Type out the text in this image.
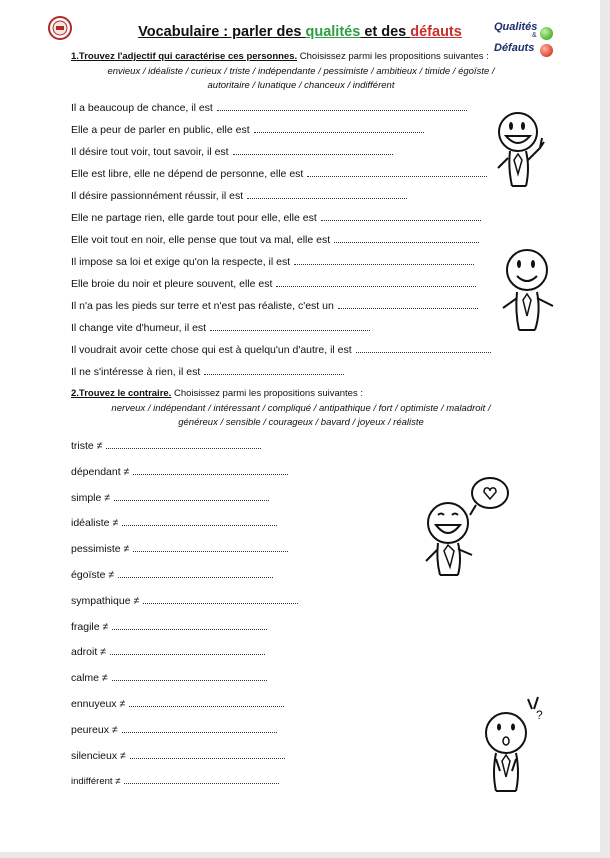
Vocabulaire : parler des qualités et des défauts	Qualités
&
Défauts
1.Trouvez l'adjectif qui caractérise ces personnes. Choisissez parmi les propositions suivantes :
envieux / idéaliste / curieux / triste / indépendante / pessimiste / ambitieux / timide / égoïste /
autoritaire / lunatique / chanceux / indifférent
Il a beaucoup de chance, il est
Elle a peur de parler en public, elle est
Il désire tout voir, tout savoir, il est
Elle est libre, elle ne dépend de personne, elle est
Il désire passionnément réussir, il est
Elle ne partage rien, elle garde tout pour elle, elle est
Elle voit tout en noir, elle pense que tout va mal, elle est
Il impose sa loi et exige qu'on la respecte, il est
Elle broie du noir et pleure souvent, elle est
Il n'a pas les pieds sur terre et n'est pas réaliste, c'est un
Il change vite d'humeur, il est
Il voudrait avoir cette chose qui est à quelqu'un d'autre, il est
Il ne s'intéresse à rien, il est
2.Trouvez le contraire. Choisissez parmi les propositions suivantes :
nerveux / indépendant / intéressant / compliqué / antipathique / fort / optimiste / maladroit /
généreux / sensible / courageux / bavard / joyeux / réaliste
triste ≠
dépendant ≠
simple ≠
idéaliste ≠
pessimiste ≠
égoïste ≠
sympathique ≠
fragile ≠
adroit ≠
calme ≠
ennuyeux ≠
peureux ≠
silencieux ≠
indifférent ≠
?
